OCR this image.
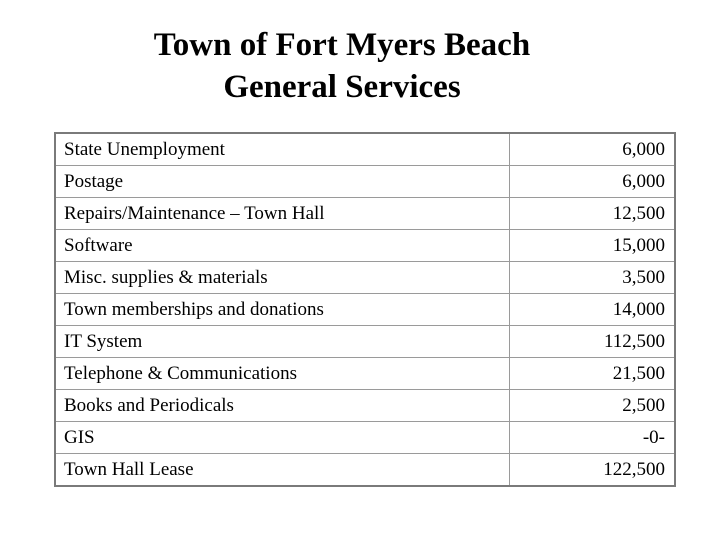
Town of Fort Myers Beach
General Services
State Unemployment	6,000
Postage	6,000
Repairs/Maintenance – Town Hall	12,500
Software	15,000
Misc. supplies & materials	3,500
Town memberships and donations	14,000
IT System	112,500
Telephone & Communications	21,500
Books and Periodicals	2,500
GIS	-0-
Town Hall Lease	122,500
